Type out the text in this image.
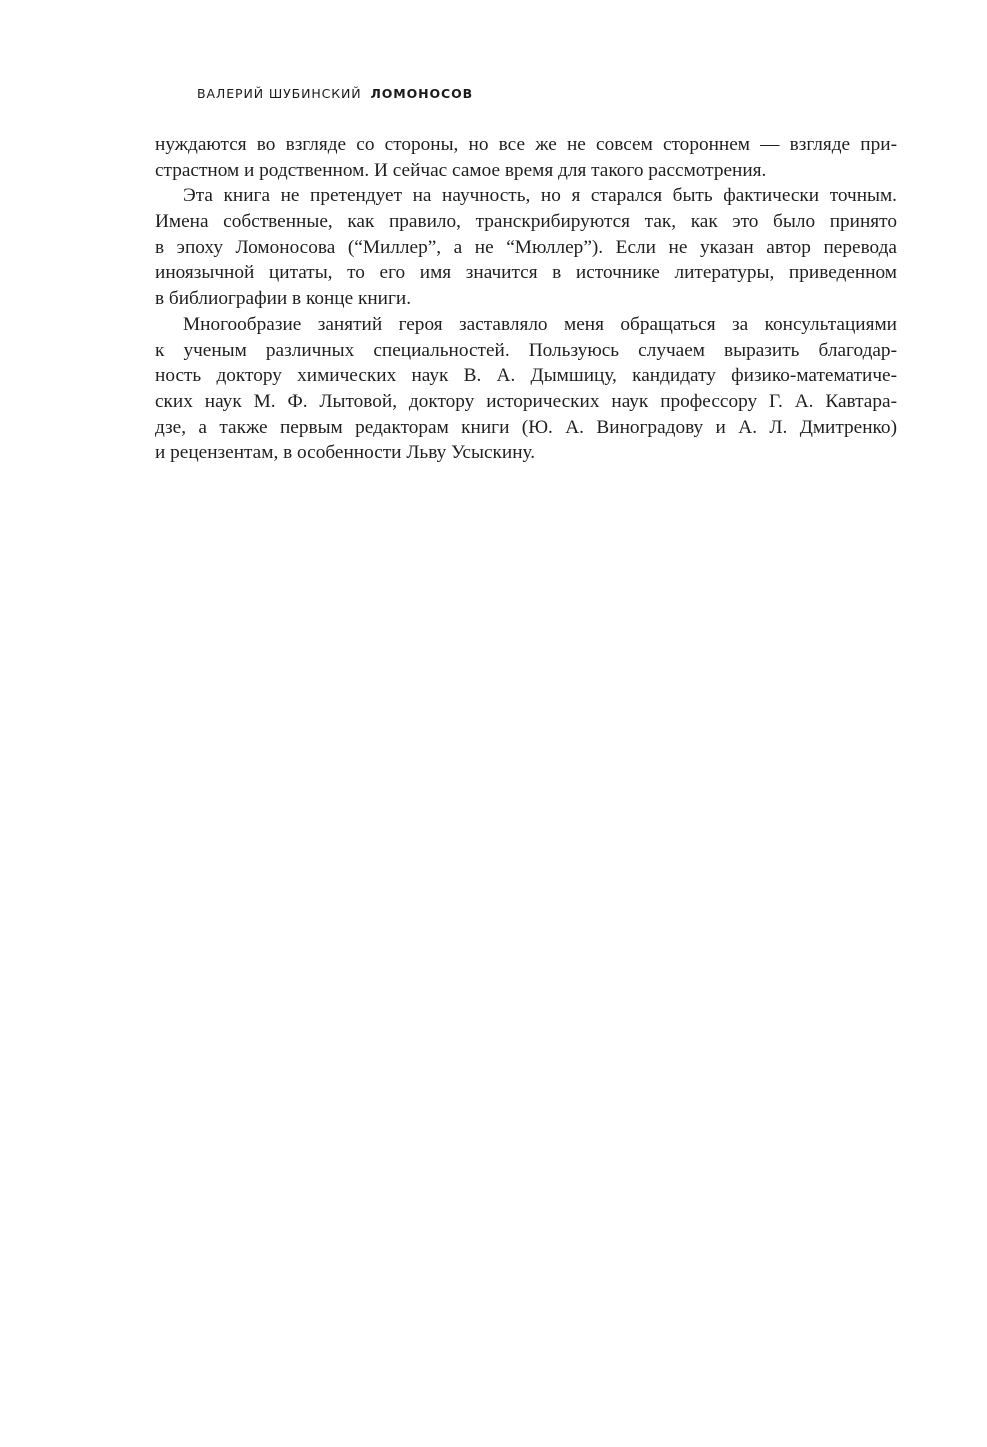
ВАЛЕРИЙ ШУБИНСКИЙ ЛОМОНОСОВ
нуждаются во взгляде со стороны, но все же не совсем стороннем — взгляде при-
страстном и родственном. И сейчас самое время для такого рассмотрения.
Эта книга не претендует на научность, но я старался быть фактически точным.
Имена собственные, как правило, транскрибируются так, как это было принято
в эпоху Ломоносова (“Миллер”, а не “Мюллер”). Если не указан автор перевода
иноязычной цитаты, то его имя значится в источнике литературы, приведенном
в библиографии в конце книги.
Многообразие занятий героя заставляло меня обращаться за консультациями
к ученым различных специальностей. Пользуюсь случаем выразить благодар-
ность доктору химических наук В. А. Дымшицу, кандидату физико-математиче-
ских наук М. Ф. Лытовой, доктору исторических наук профессору Г. А. Кавтара-
дзе, а также первым редакторам книги (Ю. А. Виноградову и А. Л. Дмитренко)
и рецензентам, в особенности Льву Усыскину.
